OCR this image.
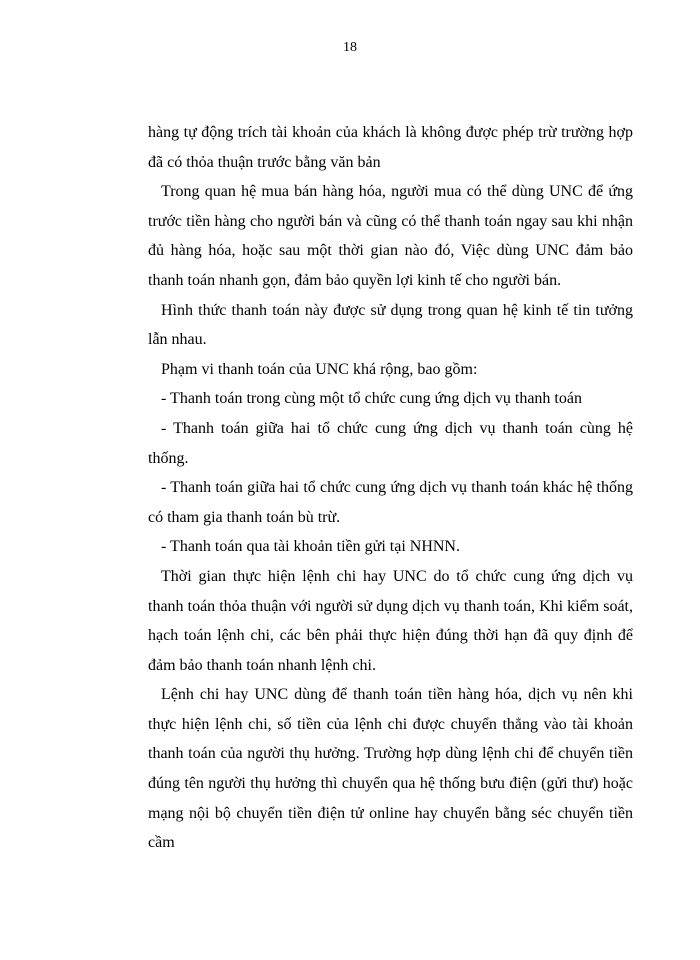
18

hàng tự động trích tài khoản của khách là không được phép trừ trường hợp đã có thỏa thuận trước bằng văn bản

Trong quan hệ mua bán hàng hóa, người mua có thể dùng UNC để ứng trước tiền hàng cho người bán và cũng có thể thanh toán ngay sau khi nhận đủ hàng hóa, hoặc sau một thời gian nào đó, Việc dùng UNC đảm bảo thanh toán nhanh gọn, đảm bảo quyền lợi kinh tế cho người bán.

Hình thức thanh toán này được sử dụng trong quan hệ kinh tế tin tưởng lẫn nhau.

Phạm vi thanh toán của UNC khá rộng, bao gồm:

- Thanh toán trong cùng một tổ chức cung ứng dịch vụ thanh toán

- Thanh toán giữa hai tổ chức cung ứng dịch vụ thanh toán cùng hệ thống.

- Thanh toán giữa hai tổ chức cung ứng dịch vụ thanh toán khác hệ thống có tham gia thanh toán bù trừ.

- Thanh toán qua tài khoản tiền gửi tại NHNN.

Thời gian thực hiện lệnh chi hay UNC do tổ chức cung ứng dịch vụ thanh toán thỏa thuận với người sử dụng dịch vụ thanh toán, Khi kiểm soát, hạch toán lệnh chi, các bên phải thực hiện đúng thời hạn đã quy định để đảm bảo thanh toán nhanh lệnh chi.

Lệnh chi hay UNC dùng để thanh toán tiền hàng hóa, dịch vụ nên khi thực hiện lệnh chi, số tiền của lệnh chi được chuyển thẳng vào tài khoản thanh toán của người thụ hưởng. Trường hợp dùng lệnh chi để chuyển tiền đúng tên người thụ hưởng thì chuyển qua hệ thống bưu điện (gửi thư) hoặc mạng nội bộ chuyển tiền điện tử online hay chuyển bằng séc chuyển tiền cầm
